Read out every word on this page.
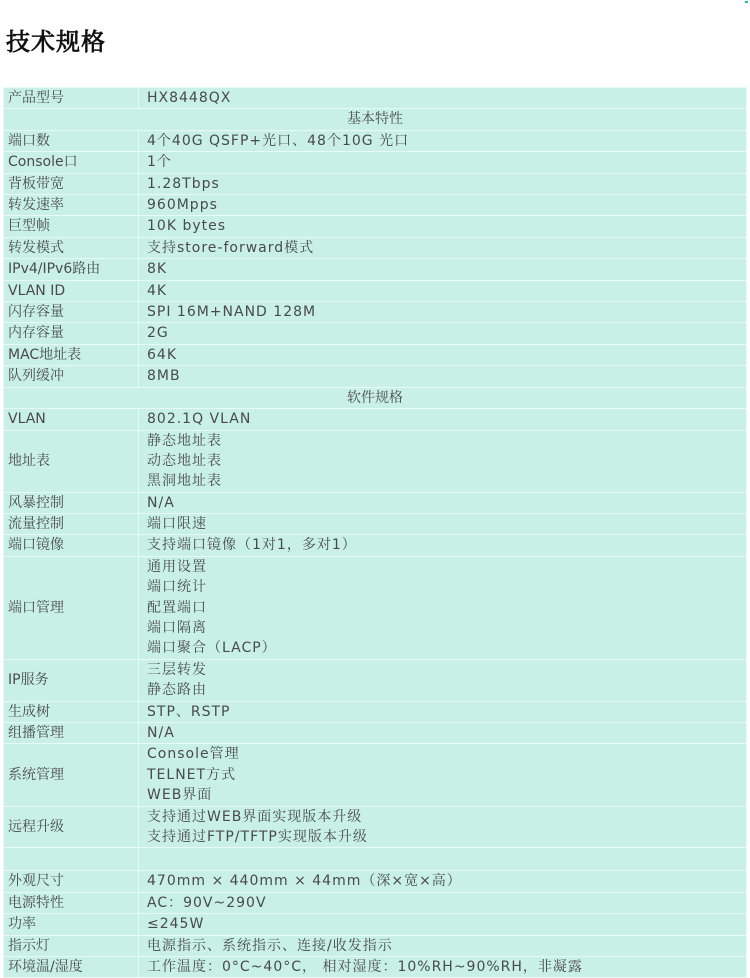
技术规格
产品型号	HX8448QX
基本特性	
端口数	4个40G QSFP+光口、48个10G 光口

Console口	1个

背板带宽	1.28Tbps

转发速率	960Mpps

巨型帧	10K bytes

转发模式	支持store-forward模式

IPv4/IPv6路由	8K

VLAN ID	4K

闪存容量	SPI 16M+NAND 128M

内存容量	2G

MAC地址表	64K

队列缓冲	8MB

软件规格	
VLAN	802.1Q VLAN

地址表	静态地址表
动态地址表
黑洞地址表

风暴控制	N/A

流量控制	端口限速

端口镜像	支持端口镜像（1对1，多对1）

端口管理	通用设置
端口统计
配置端口
端口隔离
端口聚合（LACP）

IP服务	三层转发
静态路由

生成树	STP、RSTP

组播管理	N/A

系统管理	Console管理
TELNET方式
WEB界面

远程升级	支持通过WEB界面实现版本升级
支持通过FTP/TFTP实现版本升级

外观尺寸	470mm × 440mm × 44mm（深×宽×高）

电源特性	AC：90V~290V

功率	≤245W

指示灯	电源指示、系统指示、连接/收发指示

环境温/湿度	工作温度：0°C~40°C， 相对湿度：10%RH~90%RH，非凝露
